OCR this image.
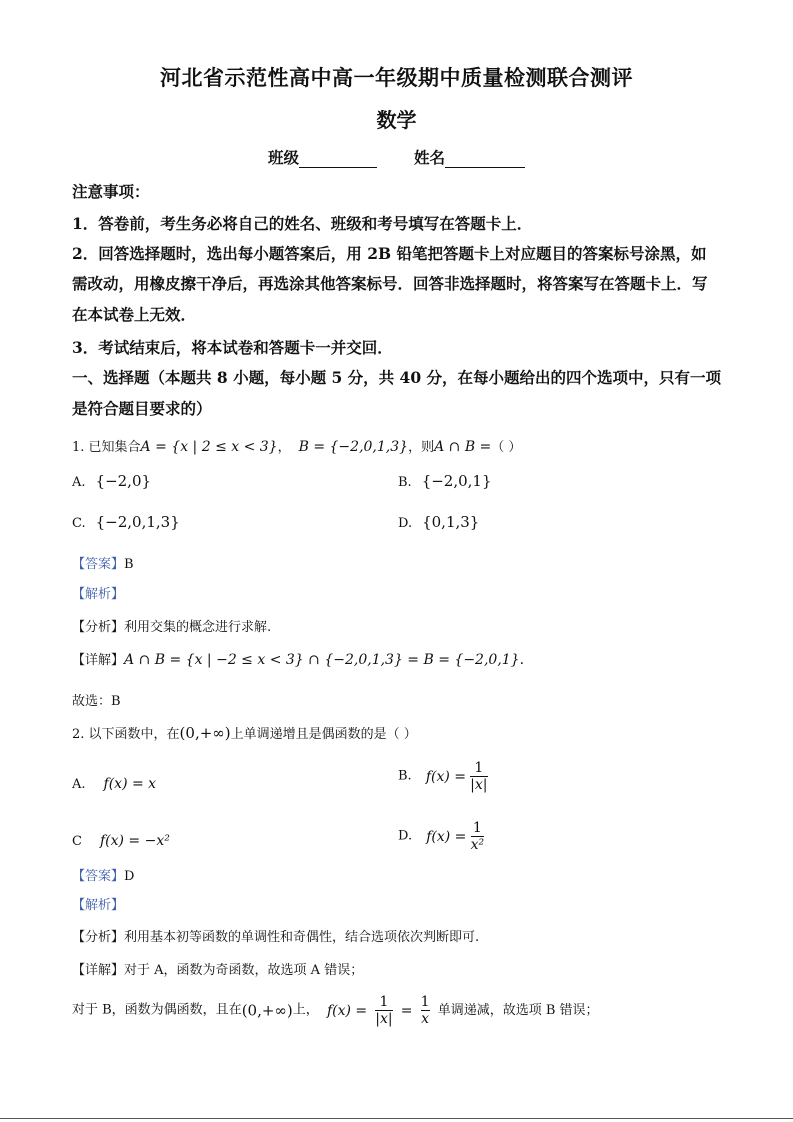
河北省示范性高中高一年级期中质量检测联合测评
数学
班级	姓名
注意事项：
1．答卷前，考生务必将自己的姓名、班级和考号填写在答题卡上．
2．回答选择题时，选出每小题答案后，用 2B 铅笔把答题卡上对应题目的答案标号涂黑，如
需改动，用橡皮擦干净后，再选涂其他答案标号．回答非选择题时，将答案写在答题卡上．写
在本试卷上无效．
3．考试结束后，将本试卷和答题卡一并交回．
一、选择题（本题共 8 小题，每小题 5 分，共 40 分，在每小题给出的四个选项中，只有一项
是符合题目要求的）
1. 已知集合A = {x | 2 ≤ x < 3}， B = {−2,0,1,3}，则A ∩ B =（ ）
A. {−2,0}	B. {−2,0,1}
C. {−2,0,1,3}	D. {0,1,3}
【答案】B
【解析】
【分析】利用交集的概念进行求解.
【详解】A ∩ B = {x | −2 ≤ x < 3} ∩ {−2,0,1,3} = B = {−2,0,1}.
故选：B
2. 以下函数中，在(0,+∞)上单调递增且是偶函数的是（ ）
A. f(x) = x	B. $f(x) = \frac{1}{|x|}$
C f(x) = −x²	D. $f(x) = \frac{1}{\text{x²}}$
【答案】D
【解析】
【分析】利用基本初等函数的单调性和奇偶性，结合选项依次判断即可.
【详解】对于 A，函数为奇函数，故选项 A 错误；
对于 B，函数为偶函数，且在(0,+∞)上， $f(x) = \frac{1}{|x|} = \frac{1}{x}$ 单调递减，故选项 B 错误；
